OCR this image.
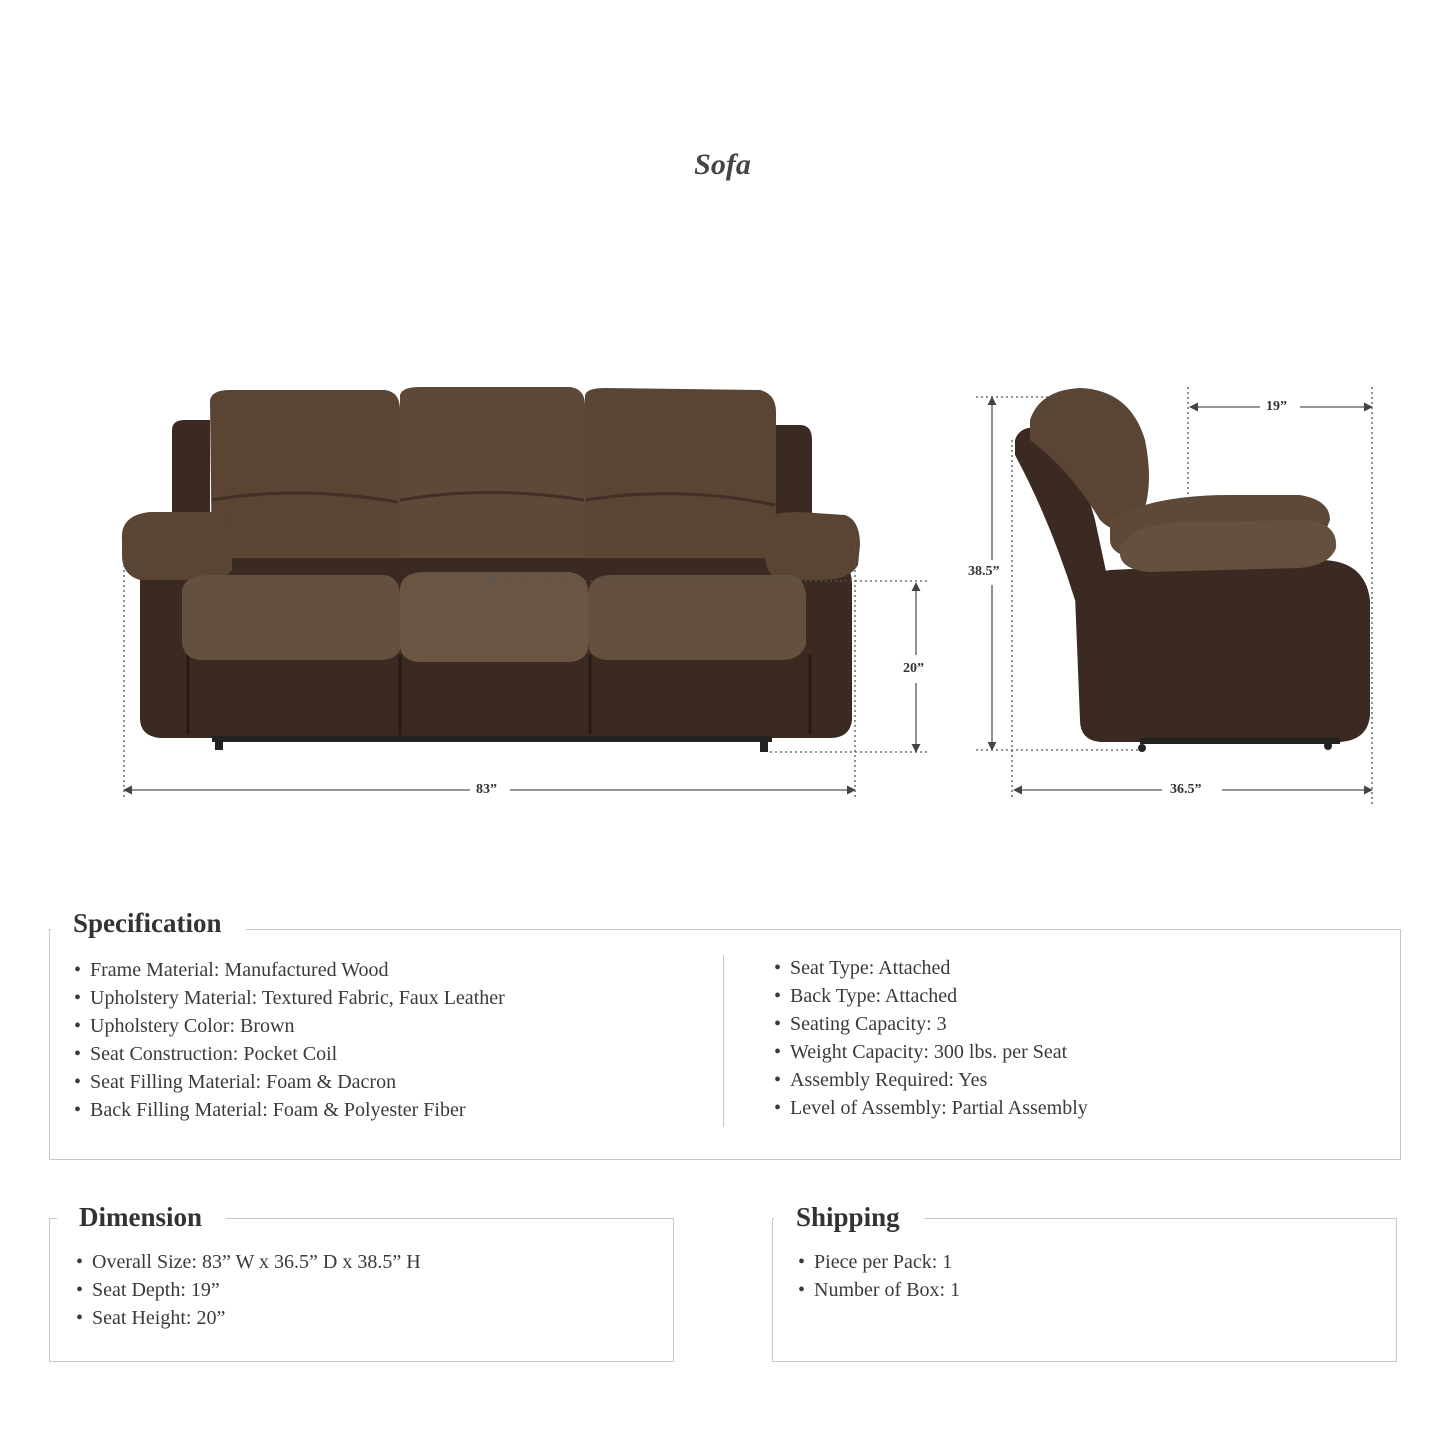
Sofa
83”
20”
38.5”
19”
36.5”
Specification
• Frame Material: Manufactured Wood
• Upholstery Material: Textured Fabric, Faux Leather
• Upholstery Color: Brown
• Seat Construction: Pocket Coil
• Seat Filling Material: Foam & Dacron
• Back Filling Material: Foam & Polyester Fiber
• Seat Type: Attached
• Back Type: Attached
• Seating Capacity: 3
• Weight Capacity: 300 lbs. per Seat
• Assembly Required: Yes
• Level of Assembly: Partial Assembly
Dimension
• Overall Size: 83” W x 36.5” D x 38.5” H
• Seat Depth: 19”
• Seat Height: 20”
Shipping
• Piece per Pack: 1
• Number of Box: 1
